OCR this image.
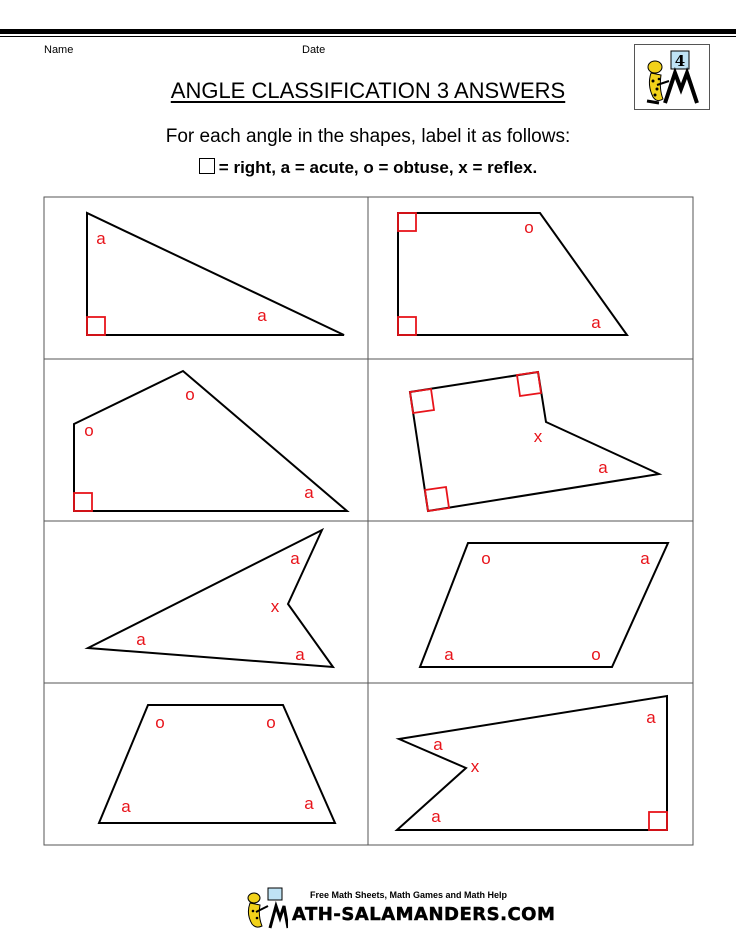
Name	Date
4
ANGLE CLASSIFICATION 3 ANSWERS
For each angle in the shapes, label it as follows:
= right, a = acute, o = obtuse, x = reflex.
a
a
o
a
o
o
a
x
a
a
x
a
a
o	a
a	o
o	o
a	a
a
a
x
a
Free Math Sheets, Math Games and Math Help
ATH-SALAMANDERS.COM
